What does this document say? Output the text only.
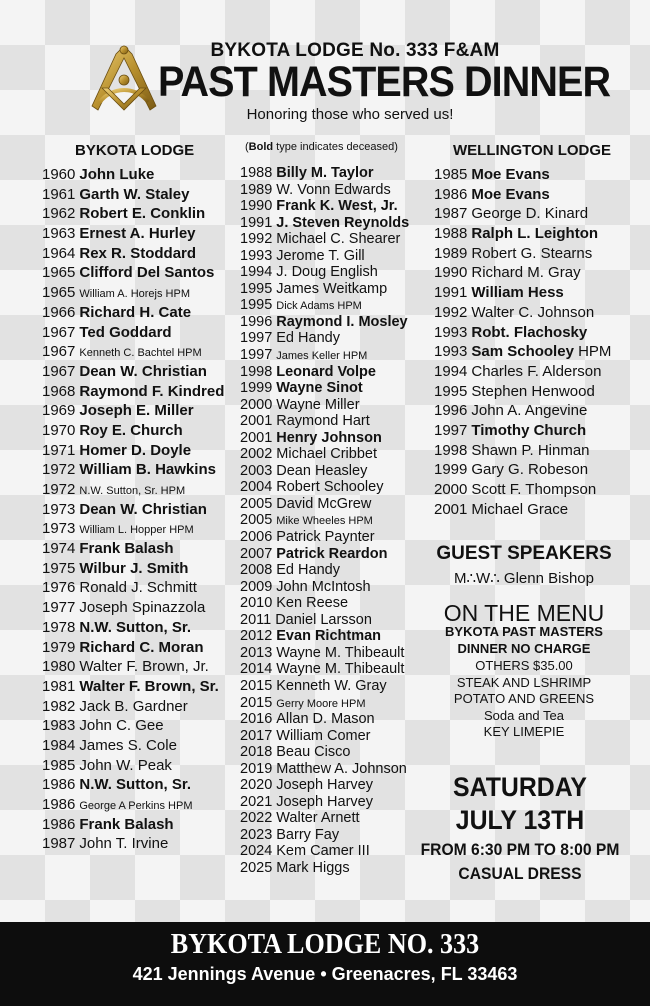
BYKOTA LODGE No. 333 F&AM
PAST MASTERS DINNER
Honoring those who served us!
BYKOTA LODGE	(Bold type indicates deceased)	WELLINGTON LODGE
1960 John Luke
1961 Garth W. Staley
1962 Robert E. Conklin
1963 Ernest A. Hurley
1964 Rex R. Stoddard
1965 Clifford Del Santos
1965 William A. Horejs HPM
1966 Richard H. Cate
1967 Ted Goddard
1967 Kenneth C. Bachtel HPM
1967 Dean W. Christian
1968 Raymond F. Kindred
1969 Joseph E. Miller
1970 Roy E. Church
1971 Homer D. Doyle
1972 William B. Hawkins
1972 N.W. Sutton, Sr. HPM
1973 Dean W. Christian
1973 William L. Hopper HPM
1974 Frank Balash
1975 Wilbur J. Smith
1976 Ronald J. Schmitt
1977 Joseph Spinazzola
1978 N.W. Sutton, Sr.
1979 Richard C. Moran
1980 Walter F. Brown, Jr.
1981 Walter F. Brown, Sr.
1982 Jack B. Gardner
1983 John C. Gee
1984 James S. Cole
1985 John W. Peak
1986 N.W. Sutton, Sr.
1986 George A Perkins HPM
1986 Frank Balash
1987 John T. Irvine
1988 Billy M. Taylor
1989 W. Vonn Edwards
1990 Frank K. West, Jr.
1991 J. Steven Reynolds
1992 Michael C. Shearer
1993 Jerome T. Gill
1994 J. Doug English
1995 James Weitkamp
1995 Dick Adams HPM
1996 Raymond I. Mosley
1997 Ed Handy
1997 James Keller HPM
1998 Leonard Volpe
1999 Wayne Sinot
2000 Wayne Miller
2001 Raymond Hart
2001 Henry Johnson
2002 Michael Cribbet
2003 Dean Heasley
2004 Robert Schooley
2005 David McGrew
2005 Mike Wheeles HPM
2006 Patrick Paynter
2007 Patrick Reardon
2008 Ed Handy
2009 John McIntosh
2010 Ken Reese
2011 Daniel Larsson
2012 Evan Richtman
2013 Wayne M. Thibeault
2014 Wayne M. Thibeault
2015 Kenneth W. Gray
2015 Gerry Moore HPM
2016 Allan D. Mason
2017 William Comer
2018 Beau Cisco
2019 Matthew A. Johnson
2020 Joseph Harvey
2021 Joseph Harvey
2022 Walter Arnett
2023 Barry Fay
2024 Kem Camer III
2025 Mark Higgs
1985 Moe Evans
1986 Moe Evans
1987 George D. Kinard
1988 Ralph L. Leighton
1989 Robert G. Stearns
1990 Richard M. Gray
1991 William Hess
1992 Walter C. Johnson
1993 Robt. Flachosky
1993 Sam Schooley HPM
1994 Charles F. Alderson
1995 Stephen Henwood
1996 John A. Angevine
1997 Timothy Church
1998 Shawn P. Hinman
1999 Gary G. Robeson
2000 Scott F. Thompson
2001 Michael Grace
GUEST SPEAKERS
M∴W∴ Glenn Bishop
ON THE MENU
BYKOTA PAST MASTERS
DINNER NO CHARGE
OTHERS $35.00
STEAK AND LSHRIMP
POTATO AND GREENS
Soda and Tea
KEY LIMEPIE
SATURDAY
JULY 13TH
FROM 6:30 PM TO 8:00 PM
CASUAL DRESS
BYKOTA LODGE NO. 333
421 Jennings Avenue • Greenacres, FL 33463
